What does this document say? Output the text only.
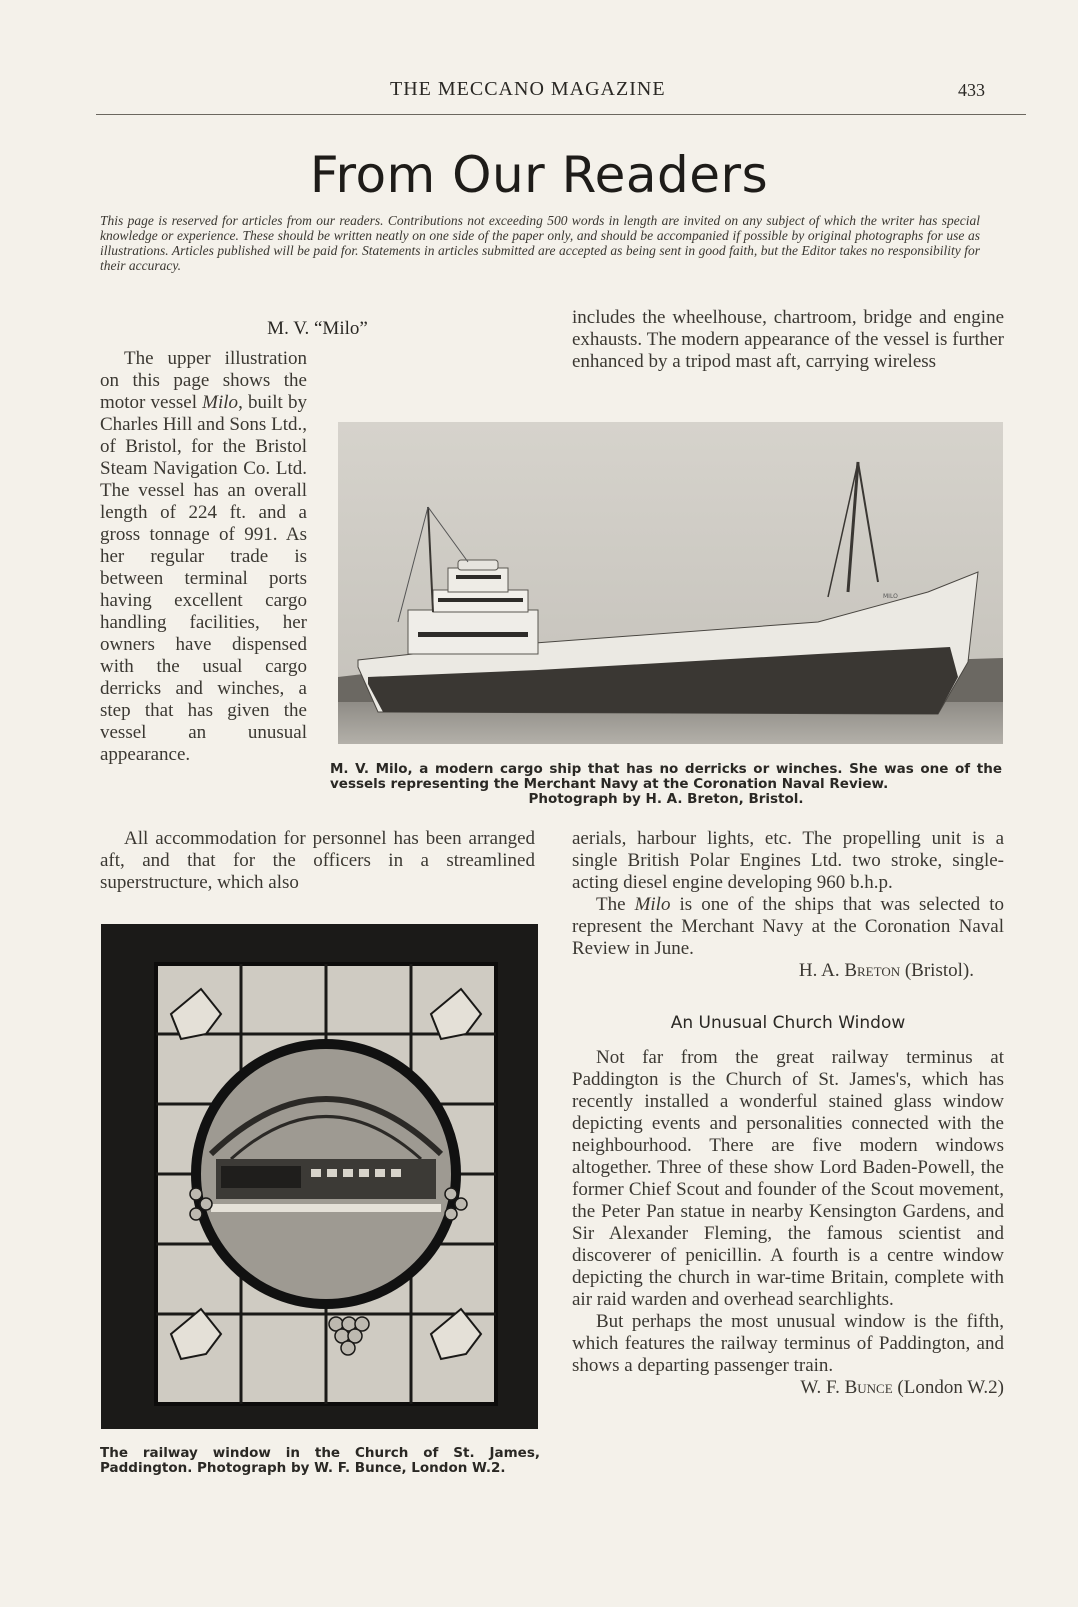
THE MECCANO MAGAZINE	433
From Our Readers
This page is reserved for articles from our readers. Contributions not exceeding 500 words in length are invited on any subject of which the writer has special knowledge or experience. These should be written neatly on one side of the paper only, and should be accompanied if possible by original photographs for use as illustrations. Articles published will be paid for. Statements in articles submitted are accepted as being sent in good faith, but the Editor takes no responsibility for their accuracy.
M. V. “Milo”

The upper illustration on this page shows the motor vessel Milo, built by Charles Hill and Sons Ltd., of Bristol, for the Bristol Steam Navigation Co. Ltd. The vessel has an overall length of 224 ft. and a gross tonnage of 991. As her regular trade is between terminal ports having excellent cargo handling facilities, her owners have dispensed with the usual cargo derricks and winches, a step that has given the vessel an unusual appearance.

All accommodation for personnel has been arranged aft, and that for the officers in a streamlined superstructure, which also

includes the wheelhouse, chartroom, bridge and engine exhausts. The modern appearance of the vessel is further enhanced by a tripod mast aft, carrying wireless

MILO
M. V. Milo, a modern cargo ship that has no derricks or winches. She was one of the vessels representing the Merchant Navy at the Coronation Naval Review.
Photograph by H. A. Breton, Bristol.

aerials, harbour lights, etc. The propelling unit is a single British Polar Engines Ltd. two stroke, single-acting diesel engine developing 960 b.h.p.

The Milo is one of the ships that was selected to represent the Merchant Navy at the Coronation Naval Review in June.

H. A. Breton (Bristol).
An Unusual Church Window

Not far from the great railway terminus at Paddington is the Church of St. James's, which has recently installed a wonderful stained glass window depicting events and personalities connected with the neighbourhood. There are five modern windows altogether. Three of these show Lord Baden-Powell, the former Chief Scout and founder of the Scout movement, the Peter Pan statue in nearby Kensington Gardens, and Sir Alexander Fleming, the famous scientist and discoverer of penicillin. A fourth is a centre window depicting the church in war-time Britain, complete with air raid warden and overhead searchlights.

But perhaps the most unusual window is the fifth, which features the railway terminus of Paddington, and shows a departing passenger train.

W. F. Bunce (London W.2)
The railway window in the Church of St. James, Paddington. Photograph by W. F. Bunce, London W.2.
